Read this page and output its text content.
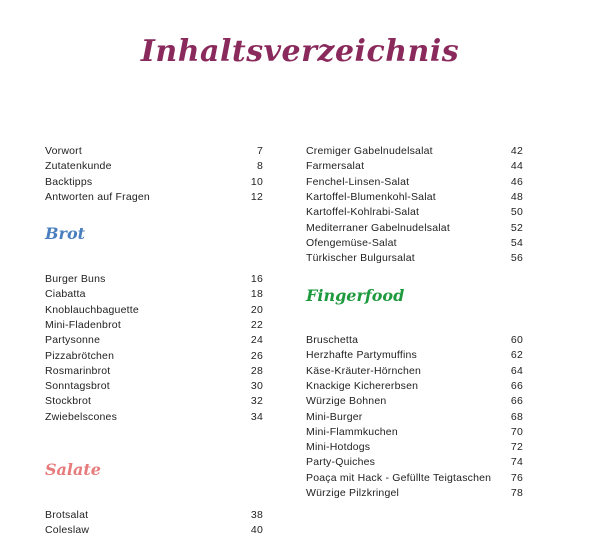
Inhaltsverzeichnis
Vorwort	7
Zutatenkunde	8
Backtipps	10
Antworten auf Fragen	12
Brot
Burger Buns	16
Ciabatta	18
Knoblauchbaguette	20
Mini-Fladenbrot	22
Partysonne	24
Pizzabrötchen	26
Rosmarinbrot	28
Sonntagsbrot	30
Stockbrot	32
Zwiebelscones	34
Salate
Brotsalat	38
Coleslaw	40
Cremiger Gabelnudelsalat	42
Farmersalat	44
Fenchel-Linsen-Salat	46
Kartoffel-Blumenkohl-Salat	48
Kartoffel-Kohlrabi-Salat	50
Mediterraner Gabelnudelsalat	52
Ofengemüse-Salat	54
Türkischer Bulgursalat	56
Fingerfood
Bruschetta	60
Herzhafte Partymuffins	62
Käse-Kräuter-Hörnchen	64
Knackige Kichererbsen	66
Würzige Bohnen	66
Mini-Burger	68
Mini-Flammkuchen	70
Mini-Hotdogs	72
Party-Quiches	74
Poaça mit Hack - Gefüllte Teigtaschen	76
Würzige Pilzkringel	78
